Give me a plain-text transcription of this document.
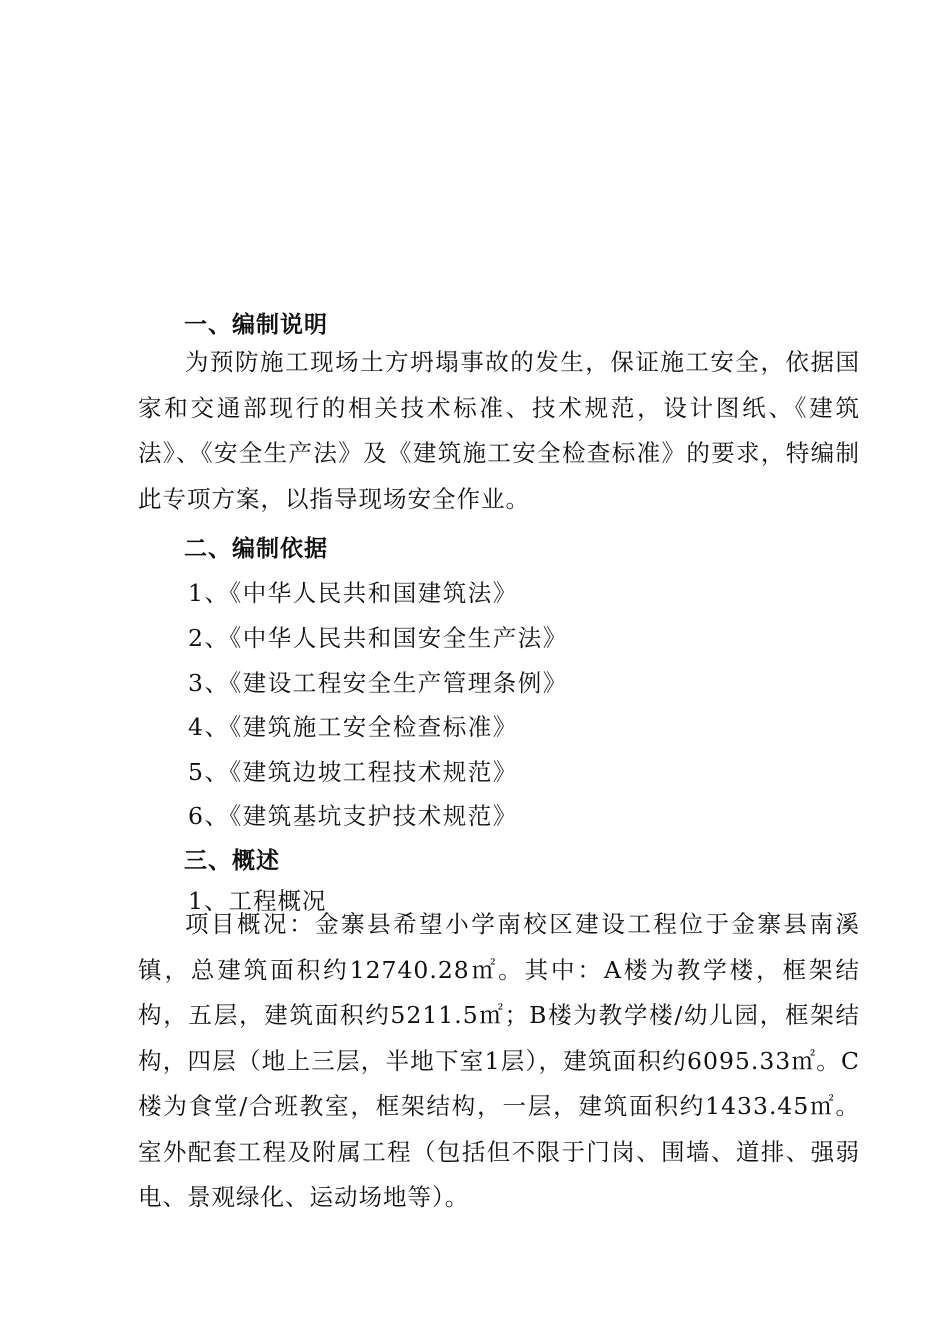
一、编制说明
为预防施工现场土方坍塌事故的发生，保证施工安全，依据国家和交通部现行的相关技术标准、技术规范，设计图纸、《建筑法》、《安全生产法》及《建筑施工安全检查标准》的要求，特编制此专项方案，以指导现场安全作业。
二、编制依据
1、《中华人民共和国建筑法》
2、《中华人民共和国安全生产法》
3、《建设工程安全生产管理条例》
4、《建筑施工安全检查标准》
5、《建筑边坡工程技术规范》
6、《建筑基坑支护技术规范》
三、概述
1、工程概况
项目概况：金寨县希望小学南校区建设工程位于金寨县南溪镇，总建筑面积约12740.28㎡。其中：A楼为教学楼，框架结构，五层，建筑面积约5211.5㎡；B楼为教学楼/幼儿园，框架结构，四层（地上三层，半地下室1层），建筑面积约6095.33㎡。C楼为食堂/合班教室，框架结构，一层，建筑面积约1433.45㎡。室外配套工程及附属工程（包括但不限于门岗、围墙、道排、强弱电、景观绿化、运动场地等）。
